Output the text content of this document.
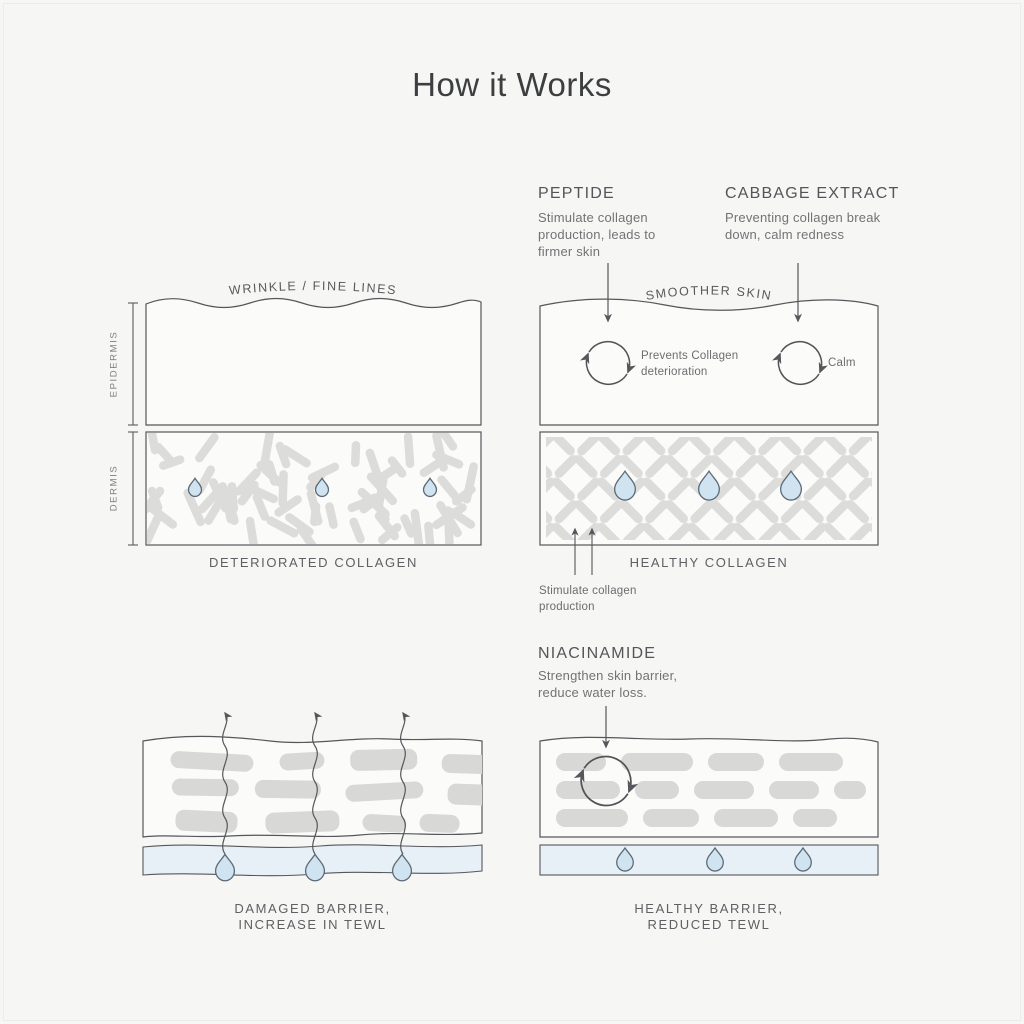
WRINKLE / FINE LINES	SMOOTHER SKIN
How it Works
PEPTIDE
Stimulate collagen
production, leads to
firmer skin
CABBAGE EXTRACT
Preventing collagen break
down, calm redness
EPIDERMIS
DERMIS
Prevents Collagen
deterioration
Calm
DETERIORATED COLLAGEN	HEALTHY COLLAGEN
Stimulate collagen
production
NIACINAMIDE
Strengthen skin barrier,
reduce water loss.
DAMAGED BARRIER,
INCREASE IN TEWL
HEALTHY BARRIER,
REDUCED TEWL
